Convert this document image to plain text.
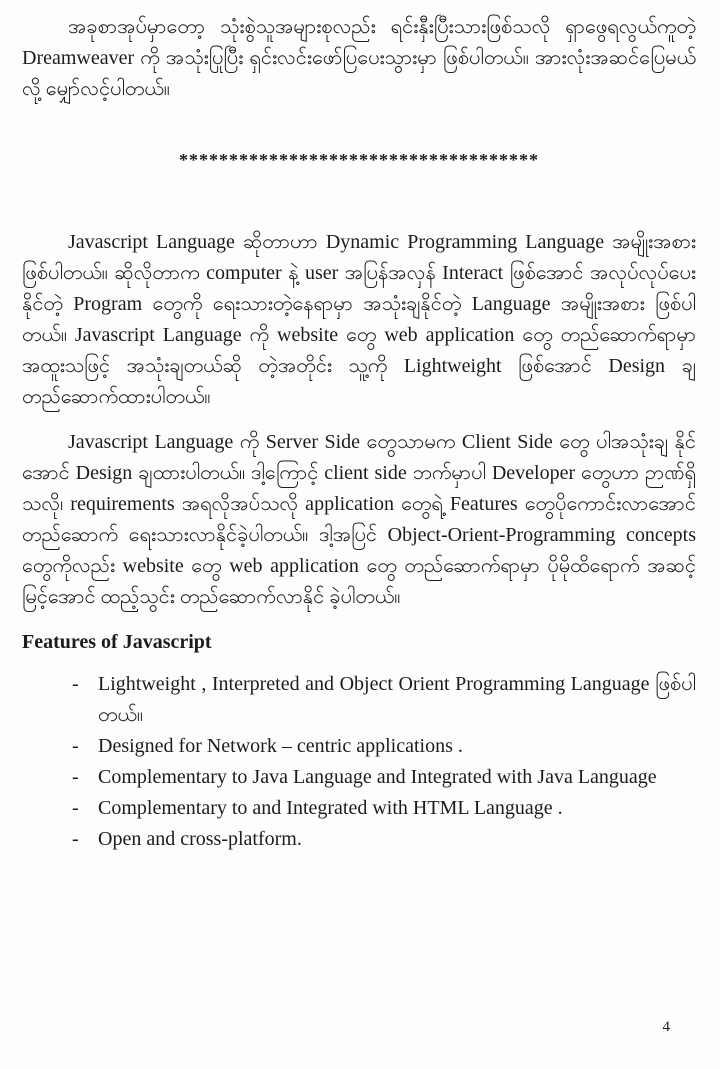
အခုစာအုပ်မှာတော့ သုံးစွဲသူအများစုလည်း ရင်းနှီးပြီးသားဖြစ်သလို ရှာဖွေရလွယ်ကူတဲ့ Dreamweaver ကို အသုံးပြုပြီး ရှင်းလင်းဖော်ပြပေးသွားမှာ ဖြစ်ပါတယ်။ အားလုံးအဆင်ပြေမယ်လို့ မျှော်လင့်ပါတယ်။

************************************

Javascript Language ဆိုတာဟာ Dynamic Programming Language အမျိုးအစား ဖြစ်ပါတယ်။ ဆိုလိုတာက computer နဲ့ user အပြန်အလှန် Interact ဖြစ်အောင် အလုပ်လုပ်ပေးနိုင်တဲ့ Program တွေကို ရေးသားတဲ့နေရာမှာ အသုံးချနိုင်တဲ့ Language အမျိုးအစား ဖြစ်ပါတယ်။ Javascript Language ကို website တွေ web application တွေ တည်ဆောက်ရာမှာ အထူးသဖြင့် အသုံးချတယ်ဆို တဲ့အတိုင်း သူ့ကို Lightweight ဖြစ်အောင် Design ချတည်ဆောက်ထားပါတယ်။

Javascript Language ကို Server Side တွေသာမက Client Side တွေ ပါအသုံးချ နိုင်အောင် Design ချထားပါတယ်။ ဒါ့ကြောင့် client side ဘက်မှာပါ Developer တွေဟာ ဉာဏ်ရှိသလို၊ requirements အရလိုအပ်သလို application တွေရဲ့ Features တွေပိုကောင်းလာအောင် တည်ဆောက် ရေးသားလာနိုင်ခဲ့ပါတယ်။ ဒါ့အပြင် Object-Orient-Programming concepts တွေကိုလည်း website တွေ web application တွေ တည်ဆောက်ရာမှာ ပိုမိုထိရောက် အဆင့်မြင့်အောင် ထည့်သွင်း တည်ဆောက်လာနိုင် ခဲ့ပါတယ်။

Features of Javascript
- Lightweight , Interpreted and Object Orient Programming Language ဖြစ်ပါတယ်။
- Designed for Network – centric applications .
- Complementary to Java Language and Integrated with Java Language
- Complementary to and Integrated with HTML Language .
- Open and cross-platform.
4
